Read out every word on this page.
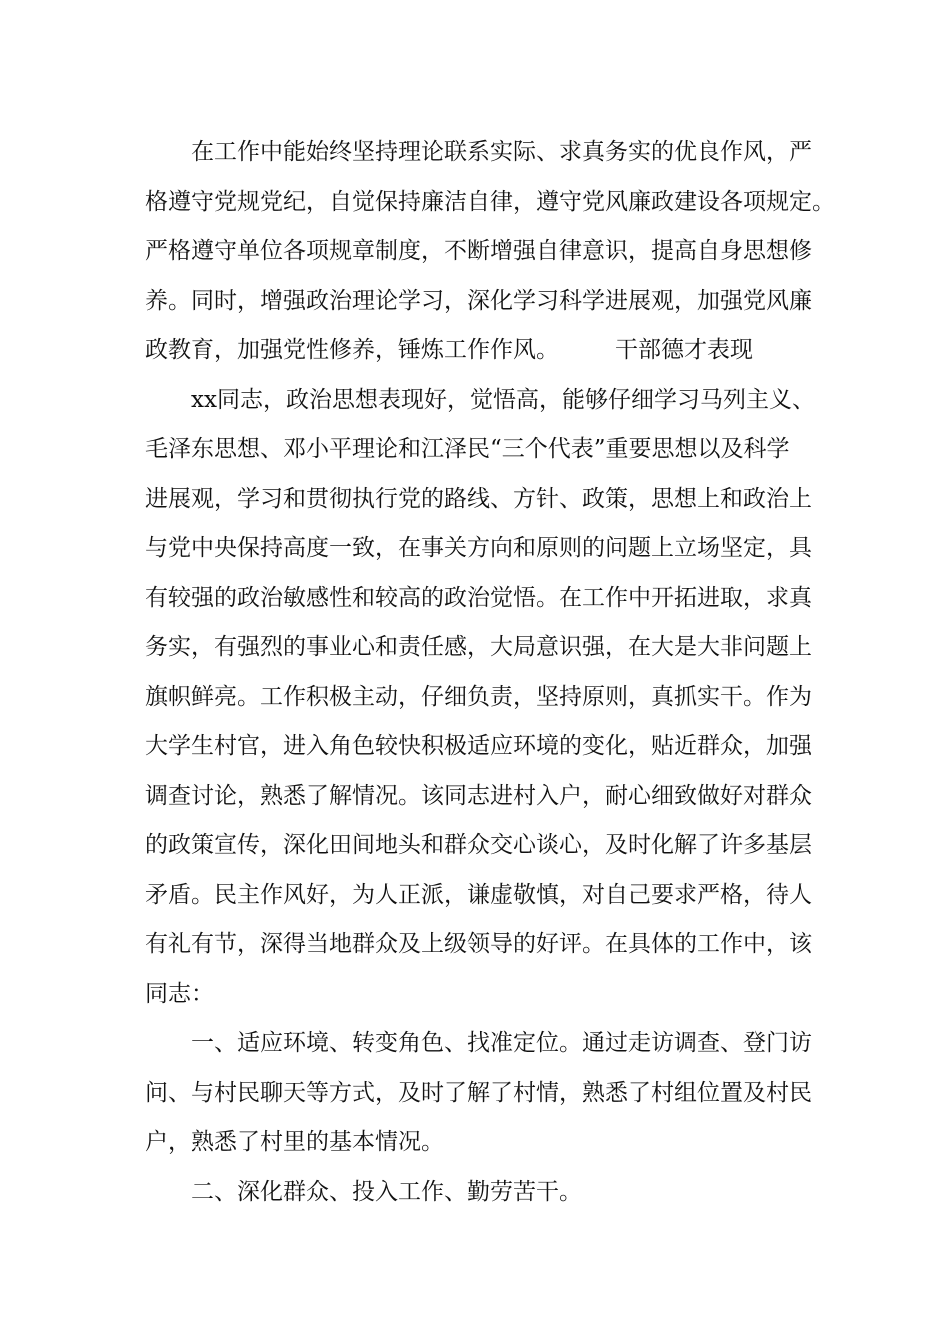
在工作中能始终坚持理论联系实际、求真务实的优良作风，严
格遵守党规党纪，自觉保持廉洁自律，遵守党风廉政建设各项规定。
严格遵守单位各项规章制度，不断增强自律意识，提高自身思想修
养。同时，增强政治理论学习，深化学习科学进展观，加强党风廉
政教育，加强党性修养，锤炼工作作风。 干部德才表现
xx同志，政治思想表现好，觉悟高，能够仔细学习马列主义、
毛泽东思想、邓小平理论和江泽民“三个代表”重要思想以及科学
进展观，学习和贯彻执行党的路线、方针、政策，思想上和政治上
与党中央保持高度一致，在事关方向和原则的问题上立场坚定，具
有较强的政治敏感性和较高的政治觉悟。在工作中开拓进取，求真
务实，有强烈的事业心和责任感，大局意识强，在大是大非问题上
旗帜鲜亮。工作积极主动，仔细负责，坚持原则，真抓实干。作为
大学生村官，进入角色较快积极适应环境的变化，贴近群众，加强
调查讨论，熟悉了解情况。该同志进村入户，耐心细致做好对群众
的政策宣传，深化田间地头和群众交心谈心，及时化解了许多基层
矛盾。民主作风好，为人正派，谦虚敬慎，对自己要求严格，待人
有礼有节，深得当地群众及上级领导的好评。在具体的工作中，该
同志：
一、适应环境、转变角色、找准定位。通过走访调查、登门访
问、与村民聊天等方式，及时了解了村情，熟悉了村组位置及村民
户，熟悉了村里的基本情况。
二、深化群众、投入工作、勤劳苦干。
